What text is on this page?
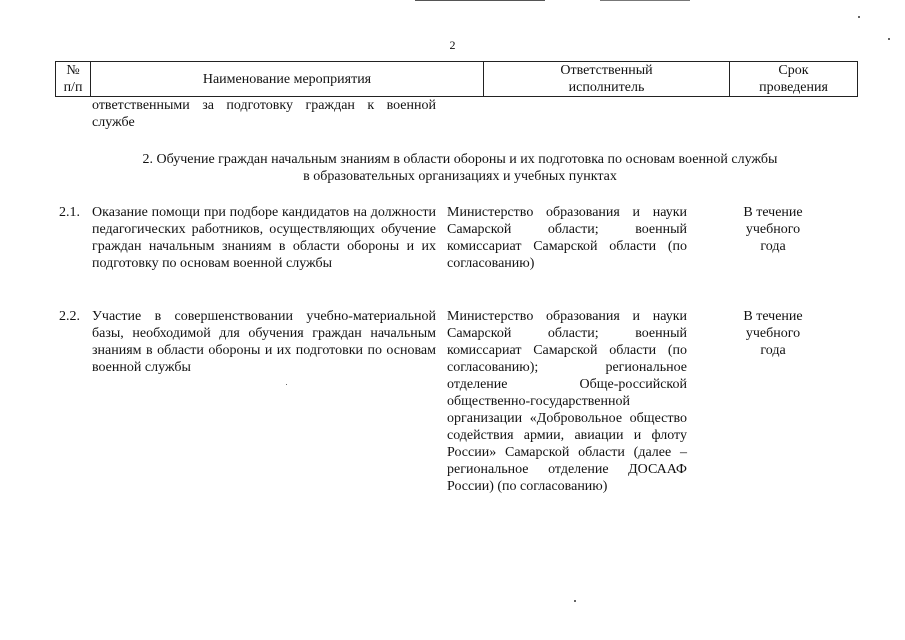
2
№
п/п
Наименование мероприятия
Ответственный
исполнитель
Срок
проведения
ответственными за подготовку граждан к военной службе
2. Обучение граждан начальным знаниям в области обороны и их подготовка по основам военной службы
в образовательных организациях и учебных пунктах
2.1. Оказание помощи при подборе кандидатов на должности педагогических работников, осуществляющих обучение граждан начальным знаниям в области обороны и их подготовку по основам военной службы
Министерство образования и науки Самарской области; военный комиссариат Самарской области (по согласованию)
В течение
учебного
года
2.2. Участие в совершенствовании учебно-материальной базы, необходимой для обучения граждан начальным знаниям в области обороны и их подготовки по основам военной службы
Министерство образования и науки Самарской области; военный комиссариат Самарской области (по согласованию); региональное отделение Обще-российской общественно-государственной организации «Добровольное общество содействия армии, авиации и флоту России» Самарской области (далее – региональное отделение ДОСААФ России) (по согласованию)
В течение
учебного
года
